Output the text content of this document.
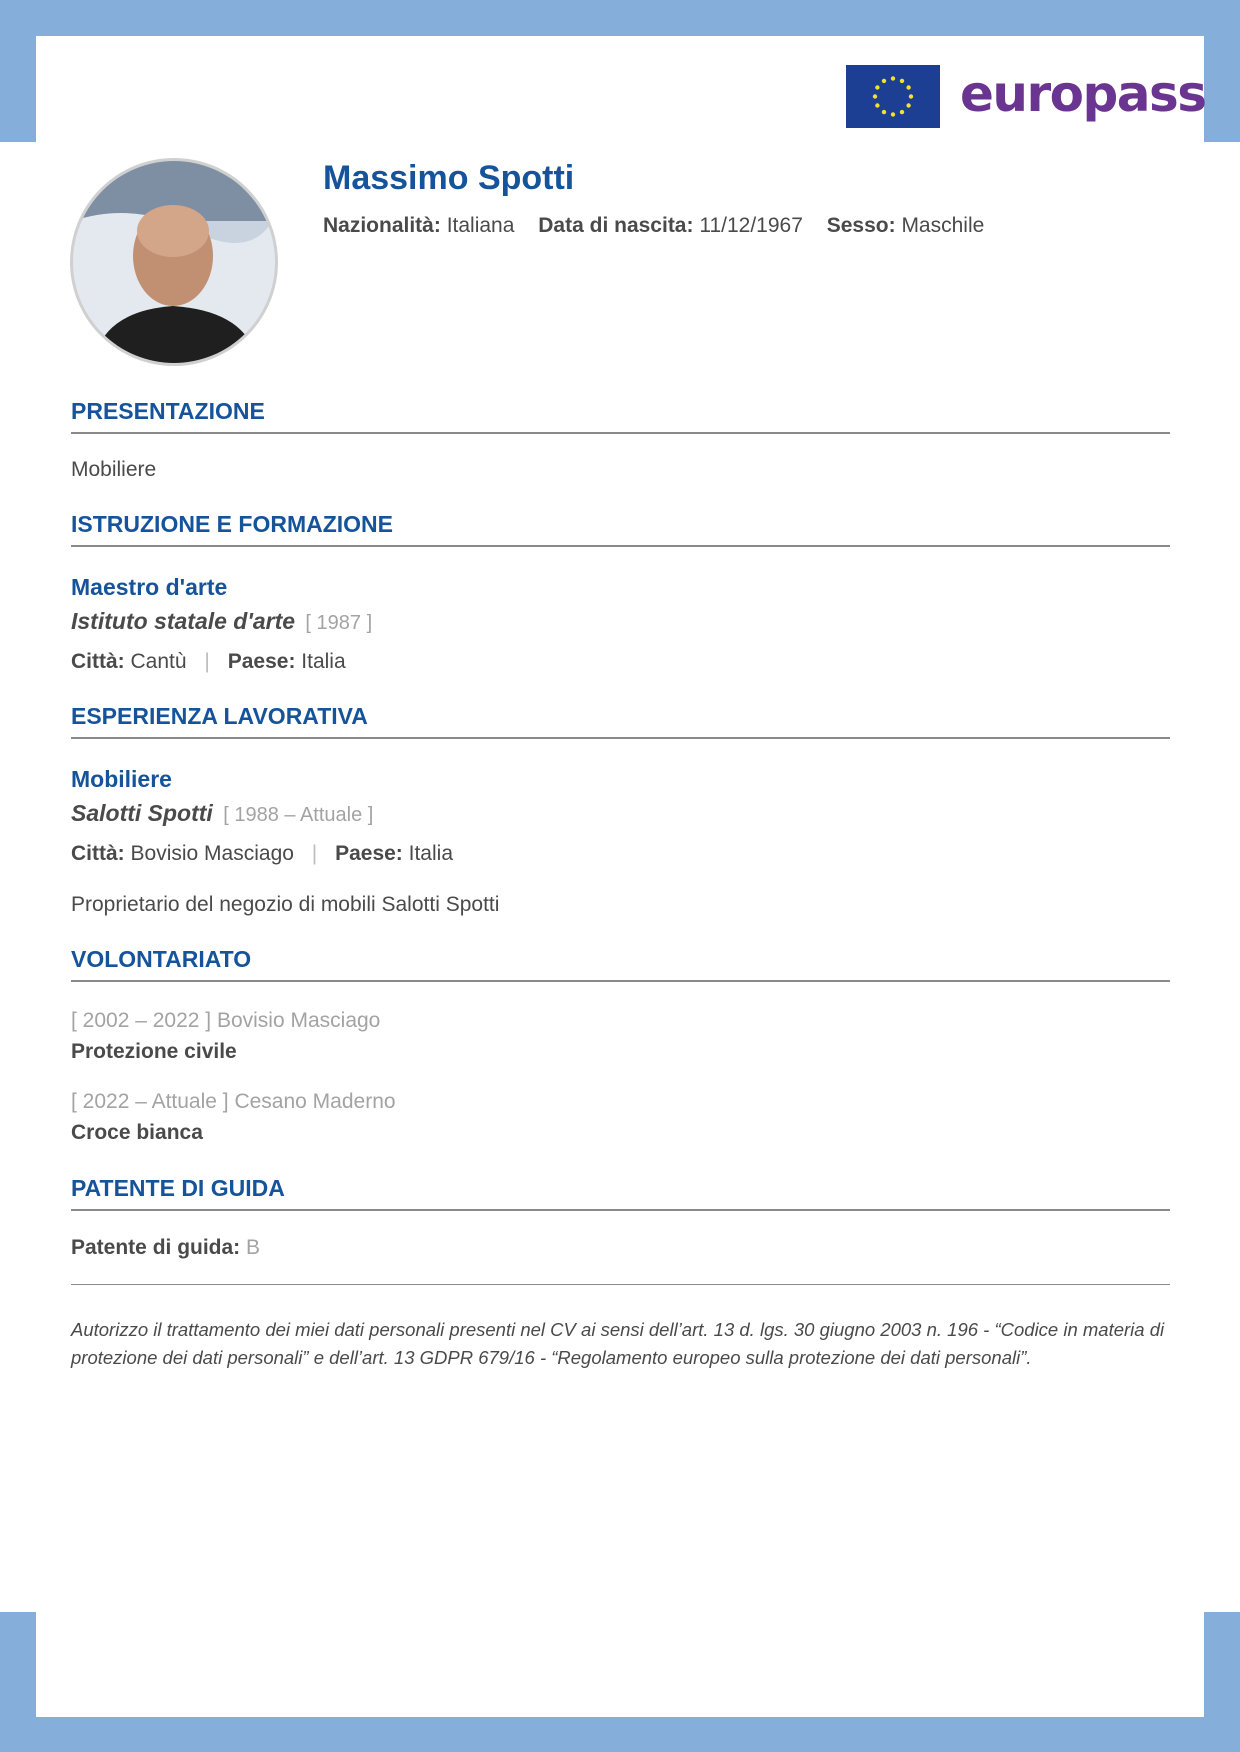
europass
Massimo Spotti
Nazionalità: Italiana Data di nascita: 11/12/1967 Sesso: Maschile
PRESENTAZIONE
Mobiliere
ISTRUZIONE E FORMAZIONE
Maestro d'arte
Istituto statale d'arte [ 1987 ]
Città: Cantù | Paese: Italia
ESPERIENZA LAVORATIVA
Mobiliere
Salotti Spotti [ 1988 – Attuale ]
Città: Bovisio Masciago | Paese: Italia
Proprietario del negozio di mobili Salotti Spotti
VOLONTARIATO
[ 2002 – 2022 ] Bovisio Masciago
Protezione civile
[ 2022 – Attuale ] Cesano Maderno
Croce bianca
PATENTE DI GUIDA
Patente di guida: B
Autorizzo il trattamento dei miei dati personali presenti nel CV ai sensi dell’art. 13 d. lgs. 30 giugno 2003 n. 196 - “Codice in materia di protezione dei dati personali” e dell’art. 13 GDPR 679/16 - “Regolamento europeo sulla protezione dei dati personali”.
